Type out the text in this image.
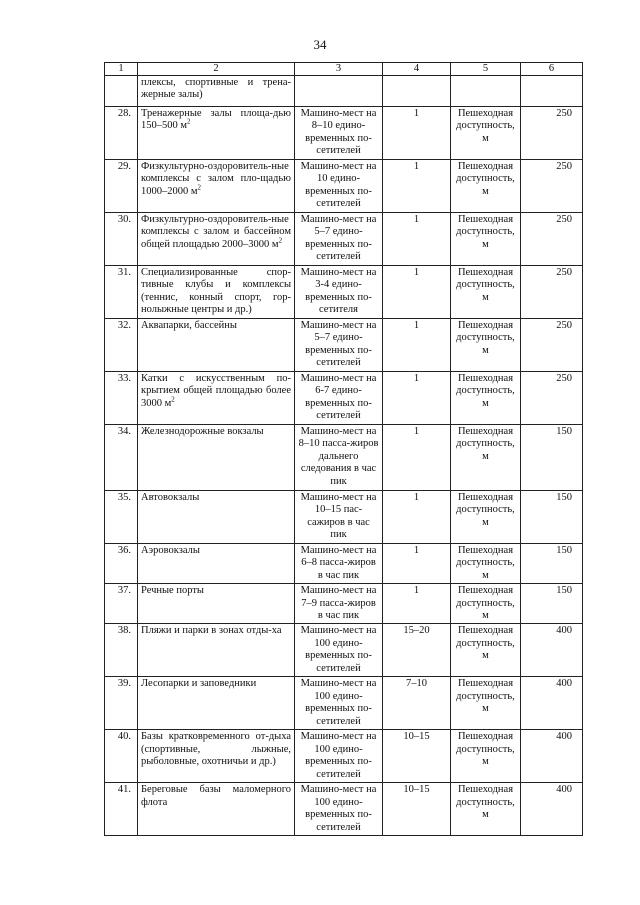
34
1	2	3	4	5	6
	плексы, спортивные и трена-жерные залы)				
28.	Тренажерные залы площа-дью 150–500 $м^2$	Машино-мест на 8–10 едино-временных по-сетителей	1	Пешеходная доступность, м	250
29.	Физкультурно-оздоровитель-ные комплексы с залом пло-щадью 1000–2000 $м^2$	Машино-мест на 10 едино-временных по-сетителей	1	Пешеходная доступность, м	250
30.	Физкультурно-оздоровитель-ные комплексы с залом и бассейном общей площадью 2000–3000 $м^2$	Машино-мест на 5–7 едино-временных по-сетителей	1	Пешеходная доступность, м	250
31.	Специализированные спор-тивные клубы и комплексы (теннис, конный спорт, гор-нолыжные центры и др.)	Машино-мест на 3-4 едино-временных по-сетителя	1	Пешеходная доступность, м	250
32.	Аквапарки, бассейны	Машино-мест на 5–7 едино-временных по-сетителей	1	Пешеходная доступность, м	250
33.	Катки с искусственным по-крытием общей площадью более 3000 $м^2$	Машино-мест на 6-7 едино-временных по-сетителей	1	Пешеходная доступность, м	250
34.	Железнодорожные вокзалы	Машино-мест на 8–10 пасса-жиров дальнего следования в час пик	1	Пешеходная доступность, м	150
35.	Автовокзалы	Машино-мест на 10–15 пас-сажиров в час пик	1	Пешеходная доступность, м	150
36.	Аэровокзалы	Машино-мест на 6–8 пасса-жиров в час пик	1	Пешеходная доступность, м	150
37.	Речные порты	Машино-мест на 7–9 пасса-жиров в час пик	1	Пешеходная доступность, м	150
38.	Пляжи и парки в зонах отды-ха	Машино-мест на 100 едино-временных по-сетителей	15–20	Пешеходная доступность, м	400
39.	Лесопарки и заповедники	Машино-мест на 100 едино-временных по-сетителей	7–10	Пешеходная доступность, м	400
40.	Базы кратковременного от-дыха (спортивные, лыжные, рыболовные, охотничьи и др.)	Машино-мест на 100 едино-временных по-сетителей	10–15	Пешеходная доступность, м	400
41.	Береговые базы маломерного флота	Машино-мест на 100 едино-временных по-сетителей	10–15	Пешеходная доступность, м	400
